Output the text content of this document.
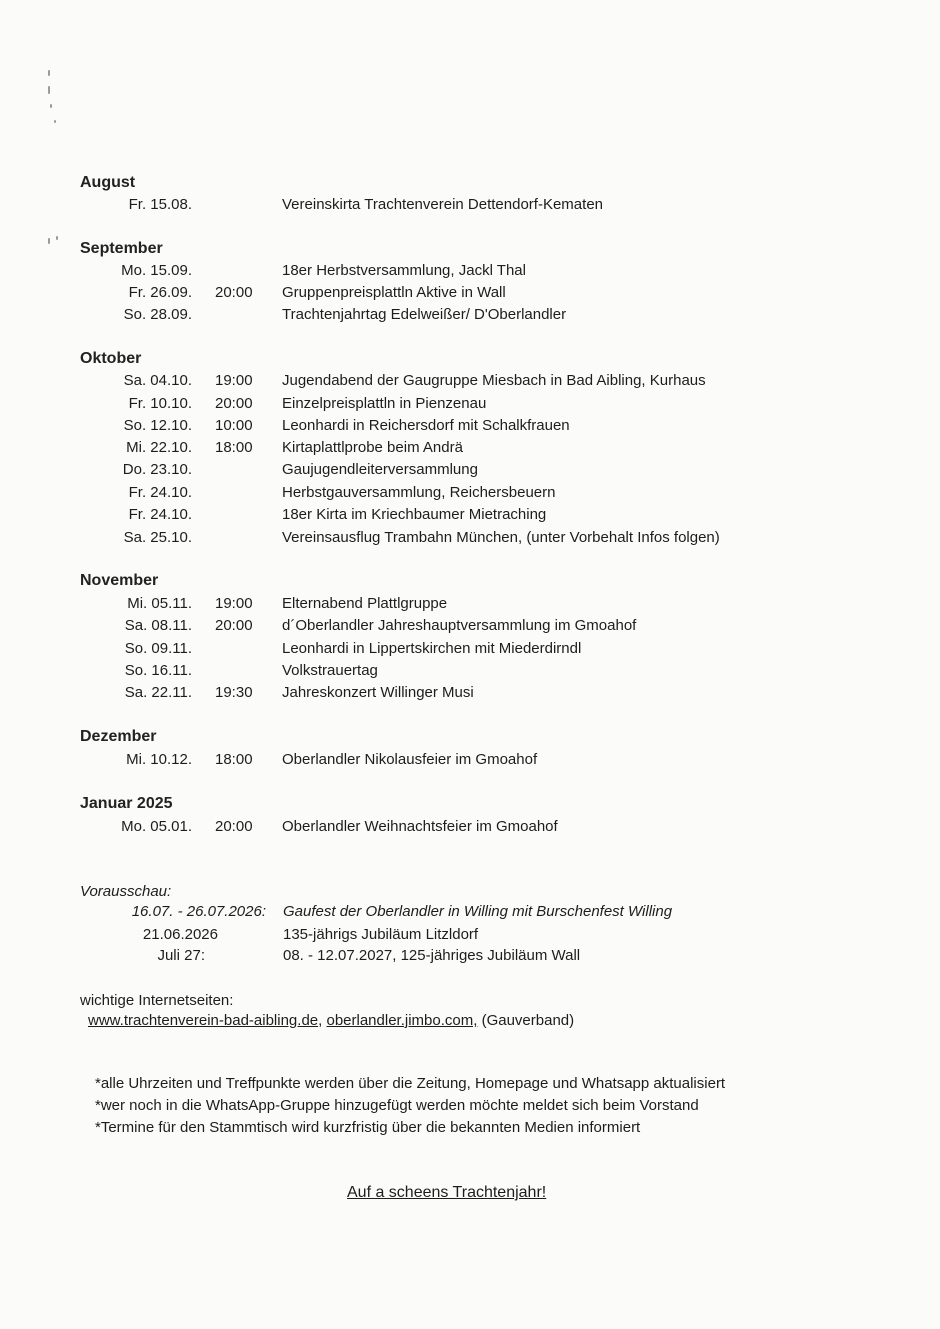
August
Fr. 15.08.	Vereinskirta Trachtenverein Dettendorf-Kematen
September
Mo. 15.09.	18er Herbstversammlung, Jackl Thal
Fr. 26.09. 20:00 Gruppenpreisplattln Aktive in Wall
So. 28.09.	Trachtenjahrtag Edelweißer/ D'Oberlandler
Oktober
Sa. 04.10. 19:00 Jugendabend der Gaugruppe Miesbach in Bad Aibling, Kurhaus
Fr. 10.10. 20:00 Einzelpreisplattln in Pienzenau
So. 12.10. 10:00 Leonhardi in Reichersdorf mit Schalkfrauen
Mi. 22.10. 18:00 Kirtaplattlprobe beim Andrä
Do. 23.10.	Gaujugendleiterversammlung
Fr. 24.10.	Herbstgauversammlung, Reichersbeuern
Fr. 24.10.	18er Kirta im Kriechbaumer Mietraching
Sa. 25.10.	Vereinsausflug Trambahn München, (unter Vorbehalt Infos folgen)
November
Mi. 05.11. 19:00 Elternabend Plattlgruppe
Sa. 08.11. 20:00 d´Oberlandler Jahreshauptversammlung im Gmoahof
So. 09.11.	Leonhardi in Lippertskirchen mit Miederdirndl
So. 16.11.	Volkstrauertag
Sa. 22.11. 19:30 Jahreskonzert Willinger Musi
Dezember
Mi. 10.12. 18:00 Oberlandler Nikolausfeier im Gmoahof
Januar 2025
Mo. 05.01. 20:00 Oberlandler Weihnachtsfeier im Gmoahof
Vorausschau:
16.07. - 26.07.2026: Gaufest der Oberlandler in Willing mit Burschenfest Willing
21.06.2026	135-jährigs Jubiläum Litzldorf
Juli 27:	08. - 12.07.2027, 125-jähriges Jubiläum Wall
wichtige Internetseiten:
www.trachtenverein-bad-aibling.de, oberlandler.jimbo.com, (Gauverband)
*alle Uhrzeiten und Treffpunkte werden über die Zeitung, Homepage und Whatsapp aktualisiert
*wer noch in die WhatsApp-Gruppe hinzugefügt werden möchte meldet sich beim Vorstand
*Termine für den Stammtisch wird kurzfristig über die bekannten Medien informiert
Auf a scheens Trachtenjahr!
